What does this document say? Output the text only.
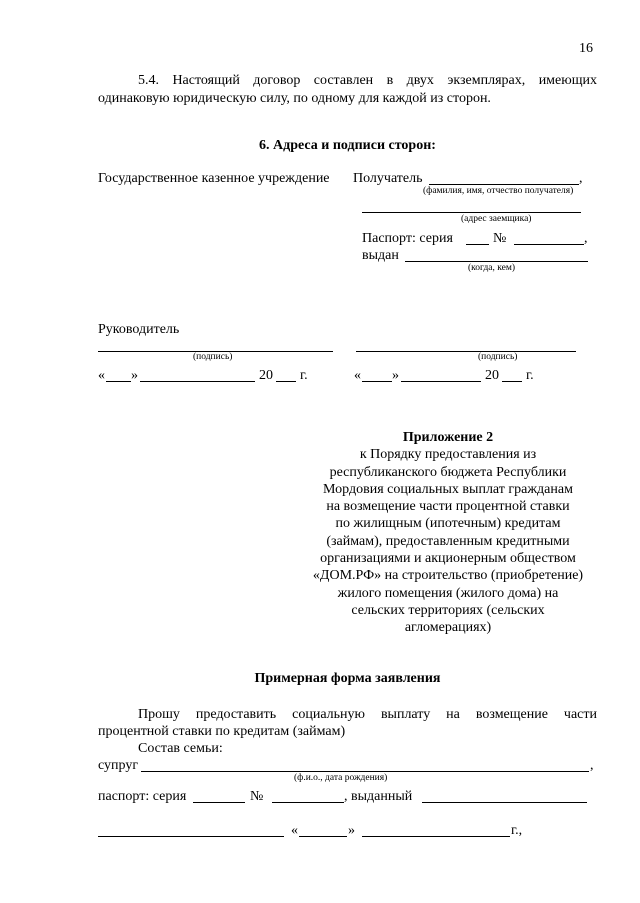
16
5.4. Настоящий договор составлен в двух экземплярах, имеющих
одинаковую юридическую силу, по одному для каждой из сторон.
6. Адреса и подписи сторон:
Государственное казенное учреждение Получатель	,
(фамилия, имя, отчество получателя)
(адрес заемщика)
Паспорт: серия	№	,
выдан
(когда, кем)
Руководитель
(подпись)	(подпись)
« »	20 г.	« »	20 г.
Приложение 2
к Порядку предоставления из
республиканского бюджета Республики
Мордовия социальных выплат гражданам
на возмещение части процентной ставки
по жилищным (ипотечным) кредитам
(займам), предоставленным кредитными
организациями и акционерным обществом
«ДОМ.РФ» на строительство (приобретение)
жилого помещения (жилого дома) на
сельских территориях (сельских
агломерациях)
Примерная форма заявления
Прошу предоставить социальную выплату на возмещение части
процентной ставки по кредитам (займам)
Состав семьи:
супруг	,
(ф.и.о., дата рождения)
паспорт: серия	№	, выданный
«	»	г.,
